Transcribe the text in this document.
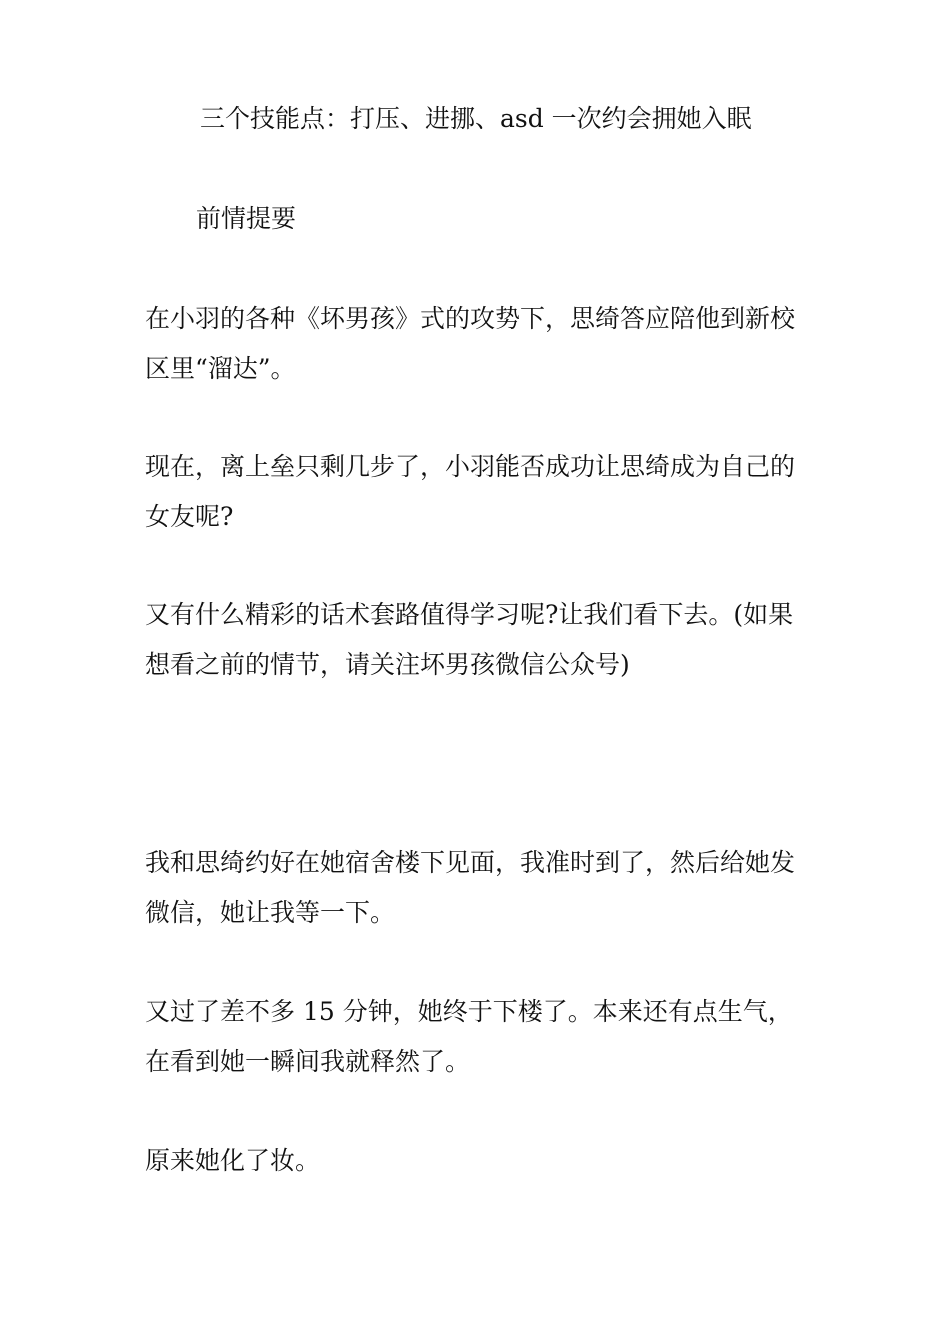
三个技能点：打压、进挪、asd 一次约会拥她入眠
前情提要

在小羽的各种《坏男孩》式的攻势下，思绮答应陪他到新校
区里“溜达”。

现在，离上垒只剩几步了，小羽能否成功让思绮成为自己的
女友呢?

又有什么精彩的话术套路值得学习呢?让我们看下去。(如果
想看之前的情节，请关注坏男孩微信公众号)

我和思绮约好在她宿舍楼下见面，我准时到了，然后给她发
微信，她让我等一下。

又过了差不多 15 分钟，她终于下楼了。本来还有点生气，
在看到她一瞬间我就释然了。

原来她化了妆。
